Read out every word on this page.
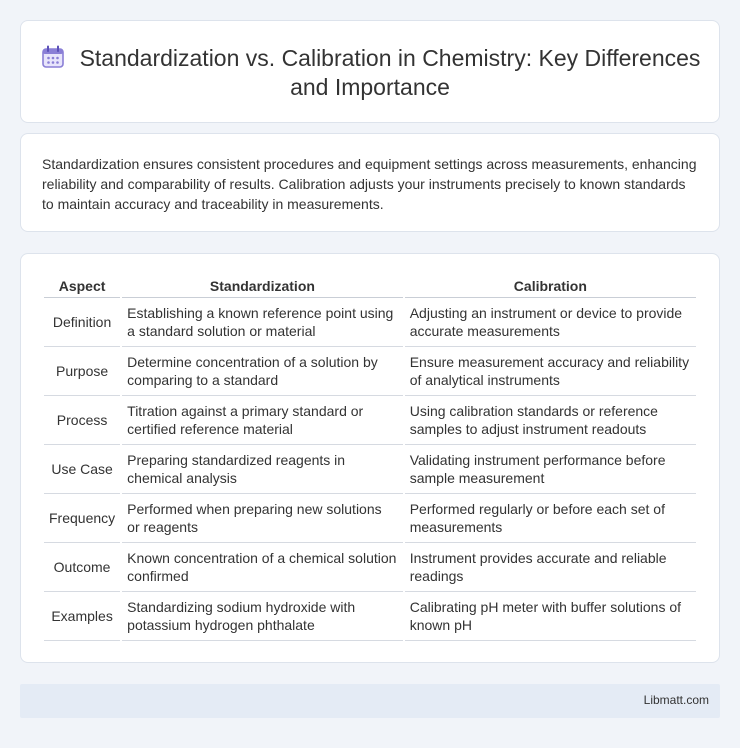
Standardization vs. Calibration in Chemistry: Key Differences and Importance

Standardization ensures consistent procedures and equipment settings across measurements, enhancing reliability and comparability of results. Calibration adjusts your instruments precisely to known standards to maintain accuracy and traceability in measurements.

Aspect	Standardization	Calibration
Definition	Establishing a known reference point using a standard solution or material	Adjusting an instrument or device to provide accurate measurements
Purpose	Determine concentration of a solution by comparing to a standard	Ensure measurement accuracy and reliability of analytical instruments
Process	Titration against a primary standard or certified reference material	Using calibration standards or reference samples to adjust instrument readouts
Use Case	Preparing standardized reagents in chemical analysis	Validating instrument performance before sample measurement
Frequency	Performed when preparing new solutions or reagents	Performed regularly or before each set of measurements
Outcome	Known concentration of a chemical solution confirmed	Instrument provides accurate and reliable readings
Examples	Standardizing sodium hydroxide with potassium hydrogen phthalate	Calibrating pH meter with buffer solutions of known pH
Libmatt.com
